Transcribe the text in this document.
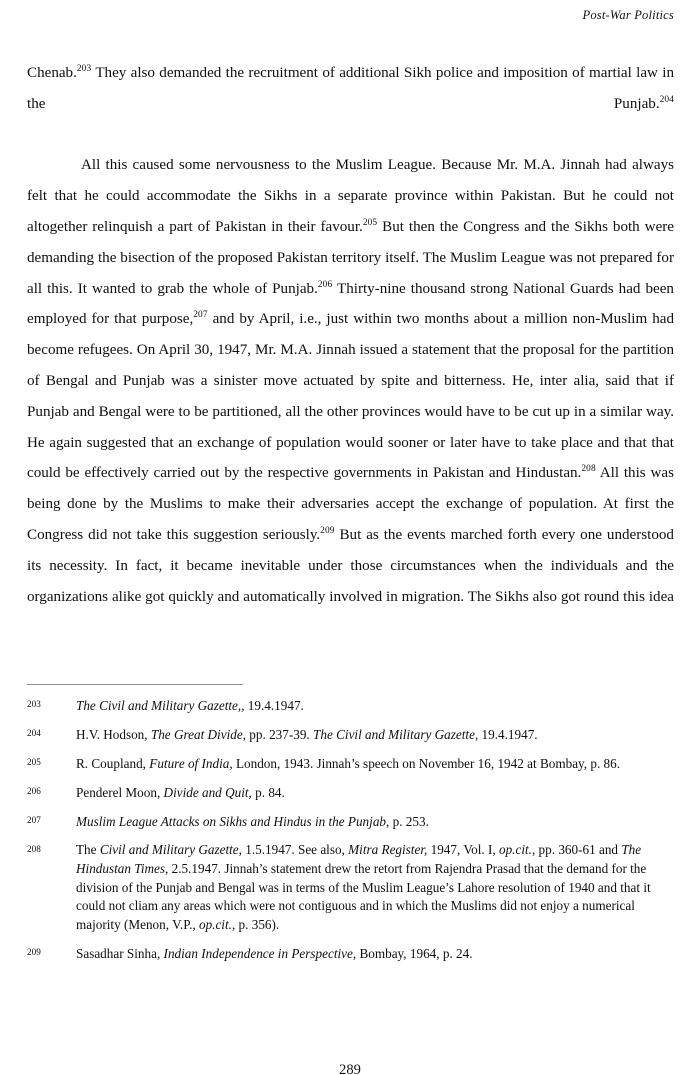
Post-War Politics

Chenab.$^{203}$ They also demanded the recruitment of additional Sikh police and imposition of martial law in the Punjab.$^{204}$

All this caused some nervousness to the Muslim League. Because Mr. M.A. Jinnah had always felt that he could accommodate the Sikhs in a separate province within Pakistan. But he could not altogether relinquish a part of Pakistan in their favour.$^{205}$ But then the Congress and the Sikhs both were demanding the bisection of the proposed Pakistan territory itself. The Muslim League was not prepared for all this. It wanted to grab the whole of Punjab.$^{206}$ Thirty-nine thousand strong National Guards had been employed for that purpose,$^{207}$ and by April, i.e., just within two months about a million non-Muslim had become refugees. On April 30, 1947, Mr. M.A. Jinnah issued a statement that the proposal for the partition of Bengal and Punjab was a sinister move actuated by spite and bitterness. He, inter alia, said that if Punjab and Bengal were to be partitioned, all the other provinces would have to be cut up in a similar way. He again suggested that an exchange of population would sooner or later have to take place and that that could be effectively carried out by the respective governments in Pakistan and Hindustan.$^{208}$ All this was being done by the Muslims to make their adversaries accept the exchange of population. At first the Congress did not take this suggestion seriously.$^{209}$ But as the events marched forth every one understood its necessity. In fact, it became inevitable under those circumstances when the individuals and the organizations alike got quickly and automatically involved in migration. The Sikhs also got round this idea

203	The Civil and Military Gazette,, 19.4.1947.
204	H.V. Hodson, The Great Divide, pp. 237-39. The Civil and Military Gazette, 19.4.1947.
205	R. Coupland, Future of India, London, 1943. Jinnah’s speech on November 16, 1942 at Bombay, p. 86.
206	Penderel Moon, Divide and Quit, p. 84.
207	Muslim League Attacks on Sikhs and Hindus in the Punjab, p. 253.
208	The Civil and Military Gazette, 1.5.1947. See also, Mitra Register, 1947, Vol. I, op.cit., pp. 360-61 and The Hindustan Times, 2.5.1947. Jinnah’s statement drew the retort from Rajendra Prasad that the demand for the division of the Punjab and Bengal was in terms of the Muslim League’s Lahore resolution of 1940 and that it could not cliam any areas which were not contiguous and in which the Muslims did not enjoy a numerical majority (Menon, V.P., op.cit., p. 356).
209	Sasadhar Sinha, Indian Independence in Perspective, Bombay, 1964, p. 24.
289
